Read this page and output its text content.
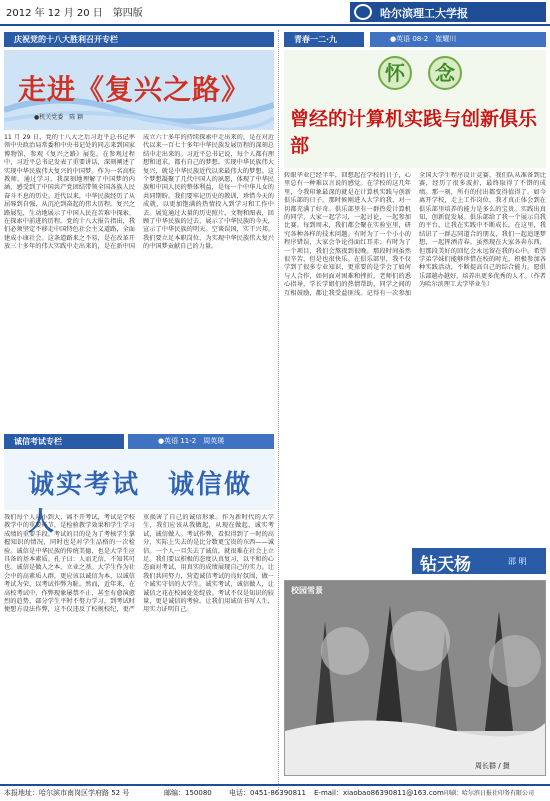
2012 年 12 月 20 日　第四版	哈尔滨理工大学报
庆祝党的十八大胜利召开专栏
走进《复兴之路》
●机关党委　陈 颖
11 月 29 日，党的十八大之后习近平总书记率领中央政治局常委和中央书记处的同志来到国家博物馆，参观《复兴之路》展览。在参观过程中，习近平总书记发表了重要讲话，深刻阐述了实现中华民族伟大复兴的中国梦。作为一名高校教师，通过学习，我深刻地理解了中国梦的内涵，感受到了中国共产党团结带领全国各族人民奋斗不息的历史。近代以来，中华民族经历了从屈辱到自强、从沉沦到奋起的伟大历程。复兴之路展览，生动地展示了中国人民在苦难中探索、在探索中前进的历程。党的十八大报告指出，我们必须坚定不移走中国特色社会主义道路，全面建成小康社会。这条道路来之不易，是在改革开放三十多年的伟大实践中走出来的，是在新中国成立六十多年的持续探索中走出来的，是在对近代以来一百七十多年中华民族发展历程的深刻总结中走出来的。习近平总书记说，每个人都有理想和追求，都有自己的梦想。实现中华民族伟大复兴，就是中华民族近代以来最伟大的梦想。这个梦想凝聚了几代中国人的夙愿，体现了中华民族和中国人民的整体利益，是每一个中华儿女的共同期盼。我们要牢记历史的教训，珍惜今天的成就，以更加饱满的热情投入到学习和工作中去。展览通过大量的历史照片、文物和图表，回顾了中华民族的过去，展示了中华民族的今天，宣示了中华民族的明天。空谈误国，实干兴邦。我们要立足本职岗位，为实现中华民族伟大复兴的中国梦贡献自己的力量。
诚信考试专栏	●英语 11-2　周英瑛
诚实考试　诚信做人
我们每个人从小到大，离不开考试，考试是学校教学中的重要环节，是检验教学效果和学生学习成绩的重要手段。考试的目的是为了考核学生掌握知识的情况，同时也是对学生品格的一次检验。诚信是中华民族的传统美德，也是大学生应具备的基本素质。孔子曰：人而无信，不知其可也。诚信是做人之本，立业之基。大学生作为社会中的高素质人群，更应该以诚信为本，以诚信考试为荣，以考试作弊为耻。然而，近年来，在高校考试中，作弊现象屡禁不止，甚至有愈演愈烈的趋势，部分学生平时不努力学习，到考试时便想方设法作弊，这不仅违反了校规校纪，更严重损害了自己的诚信形象。作为新时代的大学生，我们应该从我做起，从现在做起，诚实考试，诚信做人。考试作弊，看似得到了一时的高分，实际上失去的是比分数更宝贵的东西——诚信。一个人一旦失去了诚信，就很难在社会上立足。我们要以积极的态度认真复习，以平和的心态面对考试，用真实的成绩展现自己的实力。让我们共同努力，营造诚信考试的良好氛围，做一个诚实守信的大学生。诚实考试，诚信做人，让诚信之花在校园处处绽放。考试不仅是知识的较量，更是诚信的考验。让我们用诚信书写人生，用实力证明自己。
青春一二·九	●英语 08-2　崔耀川
怀	念
曾经的计算机实践与创新俱乐部
转眼毕业已经半年，回想起在学校的日子，心里总有一种难以言说的感觉。在学校的这几年里，令我印象最深的就是在计算机实践与创新俱乐部的日子。那时候刚进入大学的我，对一切都充满了好奇。俱乐部里有一群热爱计算机的同学，大家一起学习，一起讨论，一起参加比赛。每到周末，我们都会聚在实验室里，研究各种各样的技术问题。有时为了一个小小的程序错误，大家会争论得面红耳赤；有时为了一个项目，我们会熬夜到很晚。那段时间虽然很辛苦，但是也很快乐。在俱乐部里，我不仅学到了很多专业知识，更重要的是学会了如何与人合作，如何面对困难和挫折。老师们的悉心指导，学长学姐们的热情帮助，同学之间的互相鼓励，都让我受益匪浅。记得有一次参加全国大学生程序设计竞赛，我们队从准备到比赛，经历了很多波折，最终取得了不错的成绩。那一刻，所有的付出都变得值得了。如今离开学校，走上工作岗位，我才真正体会到在俱乐部里培养的能力是多么的宝贵。实践出真知，创新促发展。俱乐部给了我一个展示自我的平台，让我在实践中不断成长。在这里，我结识了一群志同道合的朋友，我们一起追逐梦想，一起挥洒青春。虽然现在大家各奔东西，但那段美好的回忆会永远留在我的心中。希望学弟学妹们能够珍惜在校的时光，积极参加各种实践活动，不断提高自己的综合能力。愿俱乐部越办越好，培养出更多优秀的人才。（作者为哈尔滨理工大学毕业生）
钻天杨	邵 明
校园雪景
周长群 / 摄
本报地址：哈尔滨市南岗区学府路 52 号	邮编：150080 电话：0451-86390811 E-mail：xiaobao86390811@163.com 印刷：哈尔滨日报社印务有限公司
